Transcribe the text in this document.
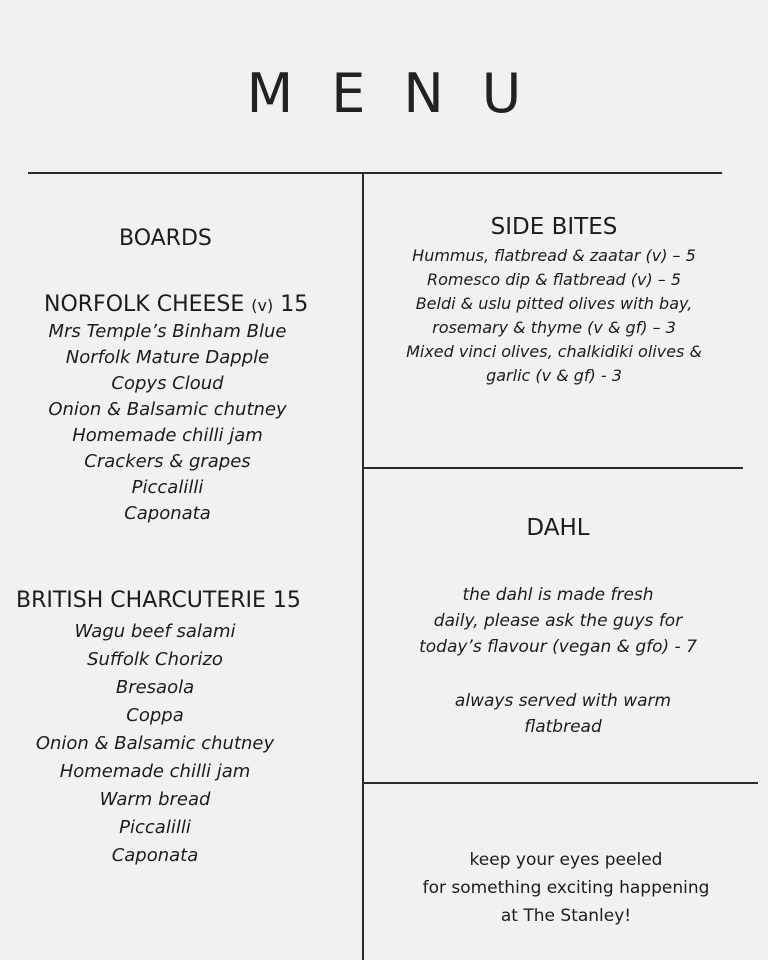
MENU
BOARDS
NORFOLK CHEESE (v) 15
Mrs Temple’s Binham Blue
Norfolk Mature Dapple
Copys Cloud
Onion & Balsamic chutney
Homemade chilli jam
Crackers & grapes
Piccalilli
Caponata
BRITISH CHARCUTERIE 15
Wagu beef salami
Suffolk Chorizo
Bresaola
Coppa
Onion & Balsamic chutney
Homemade chilli jam
Warm bread
Piccalilli
Caponata
SIDE BITES
Hummus, flatbread & zaatar (v) – 5
Romesco dip & flatbread (v) – 5
Beldi & uslu pitted olives with bay,
rosemary & thyme (v & gf) – 3
Mixed vinci olives, chalkidiki olives &
garlic (v & gf) - 3
DAHL
the dahl is made fresh
daily, please ask the guys for
today’s flavour (vegan & gfo) - 7
always served with warm
flatbread
keep your eyes peeled
for something exciting happening
at The Stanley!
